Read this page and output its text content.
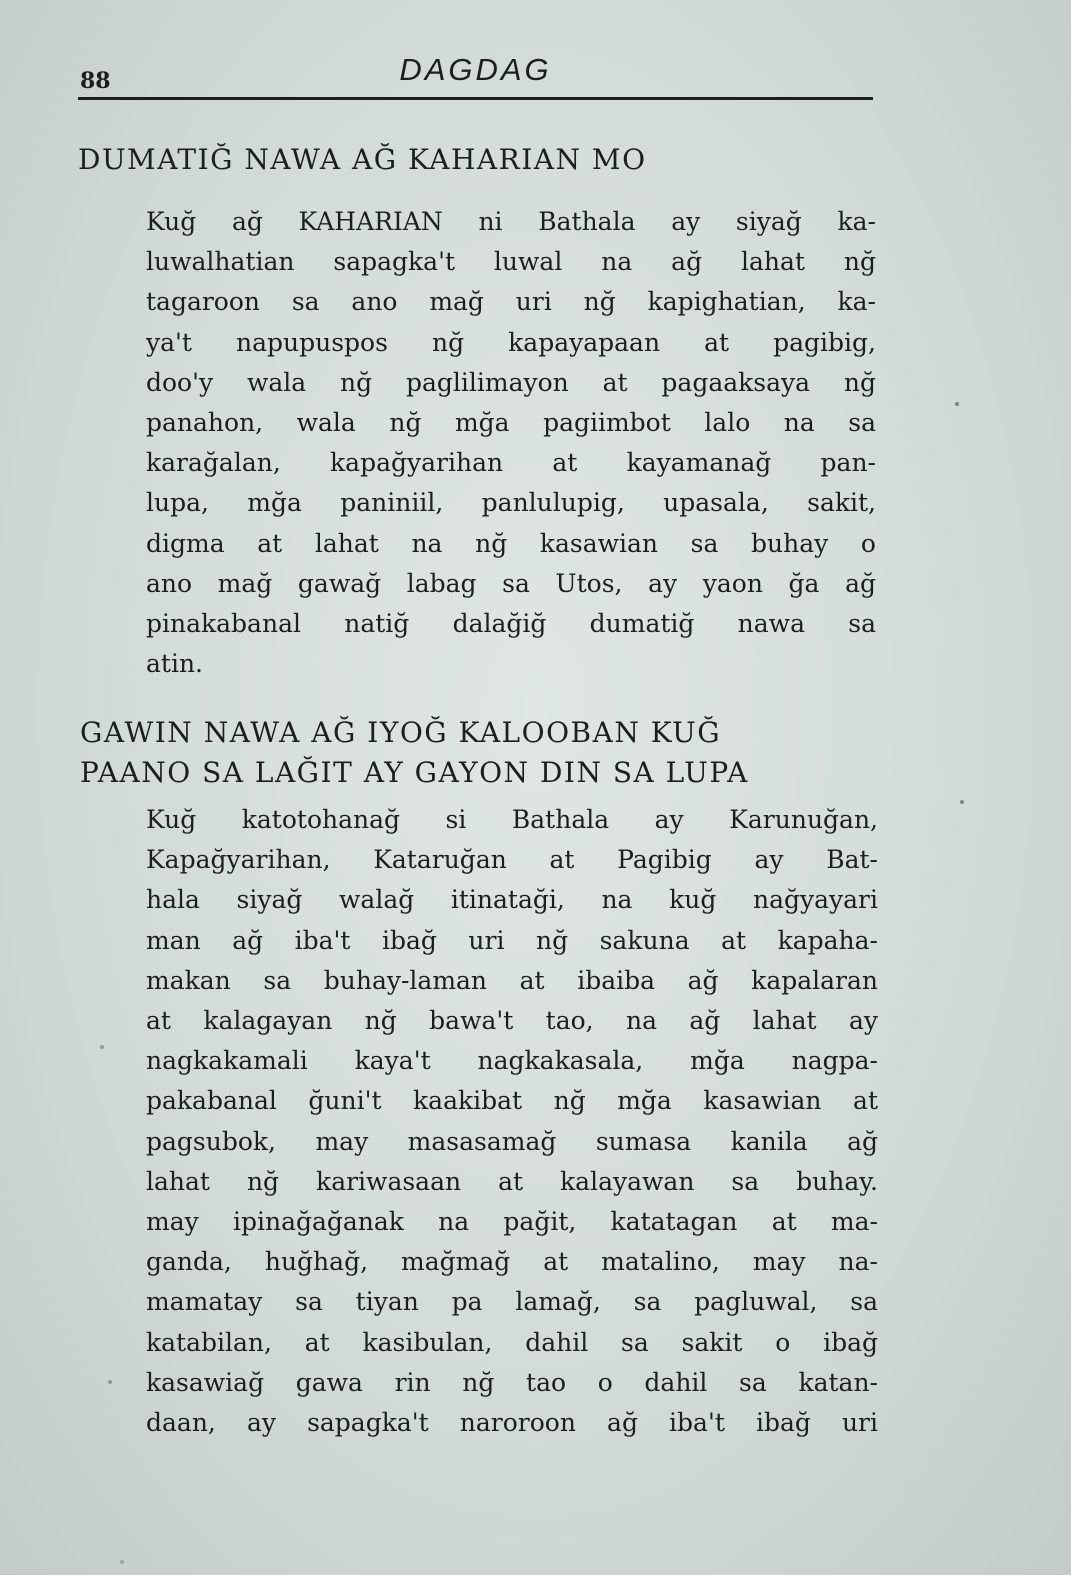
88	DAGDAG
DUMATIĞ NAWA AĞ KAHARIAN MO
Kuğ ağ KAHARIAN ni Bathala ay siyağ ka-
luwalhatian sapagka't luwal na ağ lahat nğ
tagaroon sa ano mağ uri nğ kapighatian, ka-
ya't napupuspos nğ kapayapaan at pagibig,
doo'y wala nğ paglilimayon at pagaaksaya nğ
panahon, wala nğ mğa pagiimbot lalo na sa
karağalan, kapağyarihan at kayamanağ pan-
lupa, mğa paniniil, panlulupig, upasala, sakit,
digma at lahat na nğ kasawian sa buhay o
ano mağ gawağ labag sa Utos, ay yaon ğa ağ
pinakabanal natiğ dalağiğ dumatiğ nawa sa
atin.
GAWIN NAWA AĞ IYOĞ KALOOBAN KUĞ
PAANO SA LAĞIT AY GAYON DIN SA LUPA
Kuğ katotohanağ si Bathala ay Karunuğan,
Kapağyarihan, Kataruğan at Pagibig ay Bat-
hala siyağ walağ itinataği, na kuğ nağyayari
man ağ iba't ibağ uri nğ sakuna at kapaha-
makan sa buhay-laman at ibaiba ağ kapalaran
at kalagayan nğ bawa't tao, na ağ lahat ay
nagkakamali kaya't nagkakasala, mğa nagpa-
pakabanal ğuni't kaakibat nğ mğa kasawian at
pagsubok, may masasamağ sumasa kanila ağ
lahat nğ kariwasaan at kalayawan sa buhay.
may ipinağağanak na pağit, katatagan at ma-
ganda, huğhağ, mağmağ at matalino, may na-
mamatay sa tiyan pa lamağ, sa pagluwal, sa
katabilan, at kasibulan, dahil sa sakit o ibağ
kasawiağ gawa rin nğ tao o dahil sa katan-
daan, ay sapagka't naroroon ağ iba't ibağ uri
